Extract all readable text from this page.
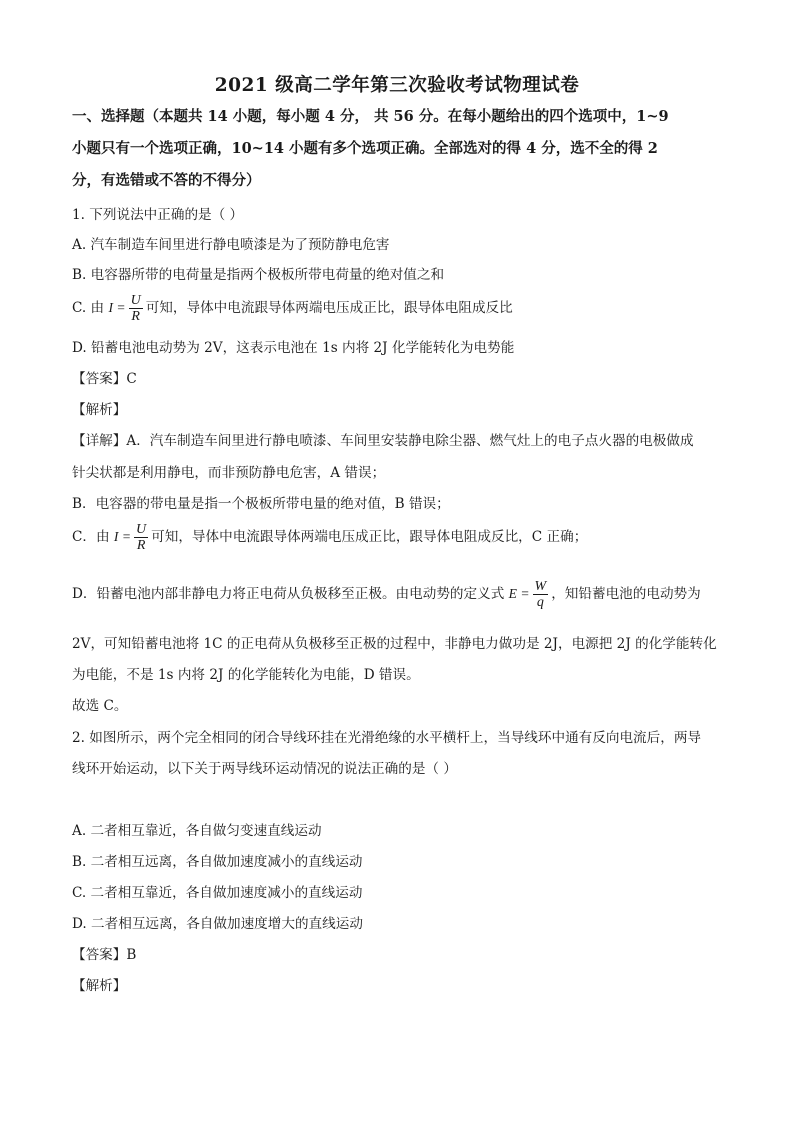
2021 级高二学年第三次验收考试物理试卷
一、选择题（本题共 14 小题，每小题 4 分， 共 56 分。在每小题给出的四个选项中，1~9
小题只有一个选项正确，10~14 小题有多个选项正确。全部选对的得 4 分，选不全的得 2
分，有选错或不答的不得分）
1. 下列说法中正确的是（ ）
A. 汽车制造车间里进行静电喷漆是为了预防静电危害
B. 电容器所带的电荷量是指两个极板所带电荷量的绝对值之和
C. 由 $I = \frac{U}{R}$ 可知，导体中电流跟导体两端电压成正比，跟导体电阻成反比
D. 铅蓄电池电动势为 2V，这表示电池在 1s 内将 2J 化学能转化为电势能
【答案】C
【解析】
【详解】A．汽车制造车间里进行静电喷漆、车间里安装静电除尘器、燃气灶上的电子点火器的电极做成
针尖状都是利用静电，而非预防静电危害，A 错误；
B．电容器的带电量是指一个极板所带电量的绝对值，B 错误；
C．由 $I = \frac{U}{R}$ 可知，导体中电流跟导体两端电压成正比，跟导体电阻成反比，C 正确；
D．铅蓄电池内部非静电力将正电荷从负极移至正极。由电动势的定义式 $E = \frac{W}{q}$ ，知铅蓄电池的电动势为
2V，可知铅蓄电池将 1C 的正电荷从负极移至正极的过程中，非静电力做功是 2J，电源把 2J 的化学能转化
为电能，不是 1s 内将 2J 的化学能转化为电能，D 错误。
故选 C。
2. 如图所示，两个完全相同的闭合导线环挂在光滑绝缘的水平横杆上，当导线环中通有反向电流后，两导
线环开始运动，以下关于两导线环运动情况的说法正确的是（ ）
A. 二者相互靠近，各自做匀变速直线运动
B. 二者相互远离，各自做加速度减小的直线运动
C. 二者相互靠近，各自做加速度减小的直线运动
D. 二者相互远离，各自做加速度增大的直线运动
【答案】B
【解析】
